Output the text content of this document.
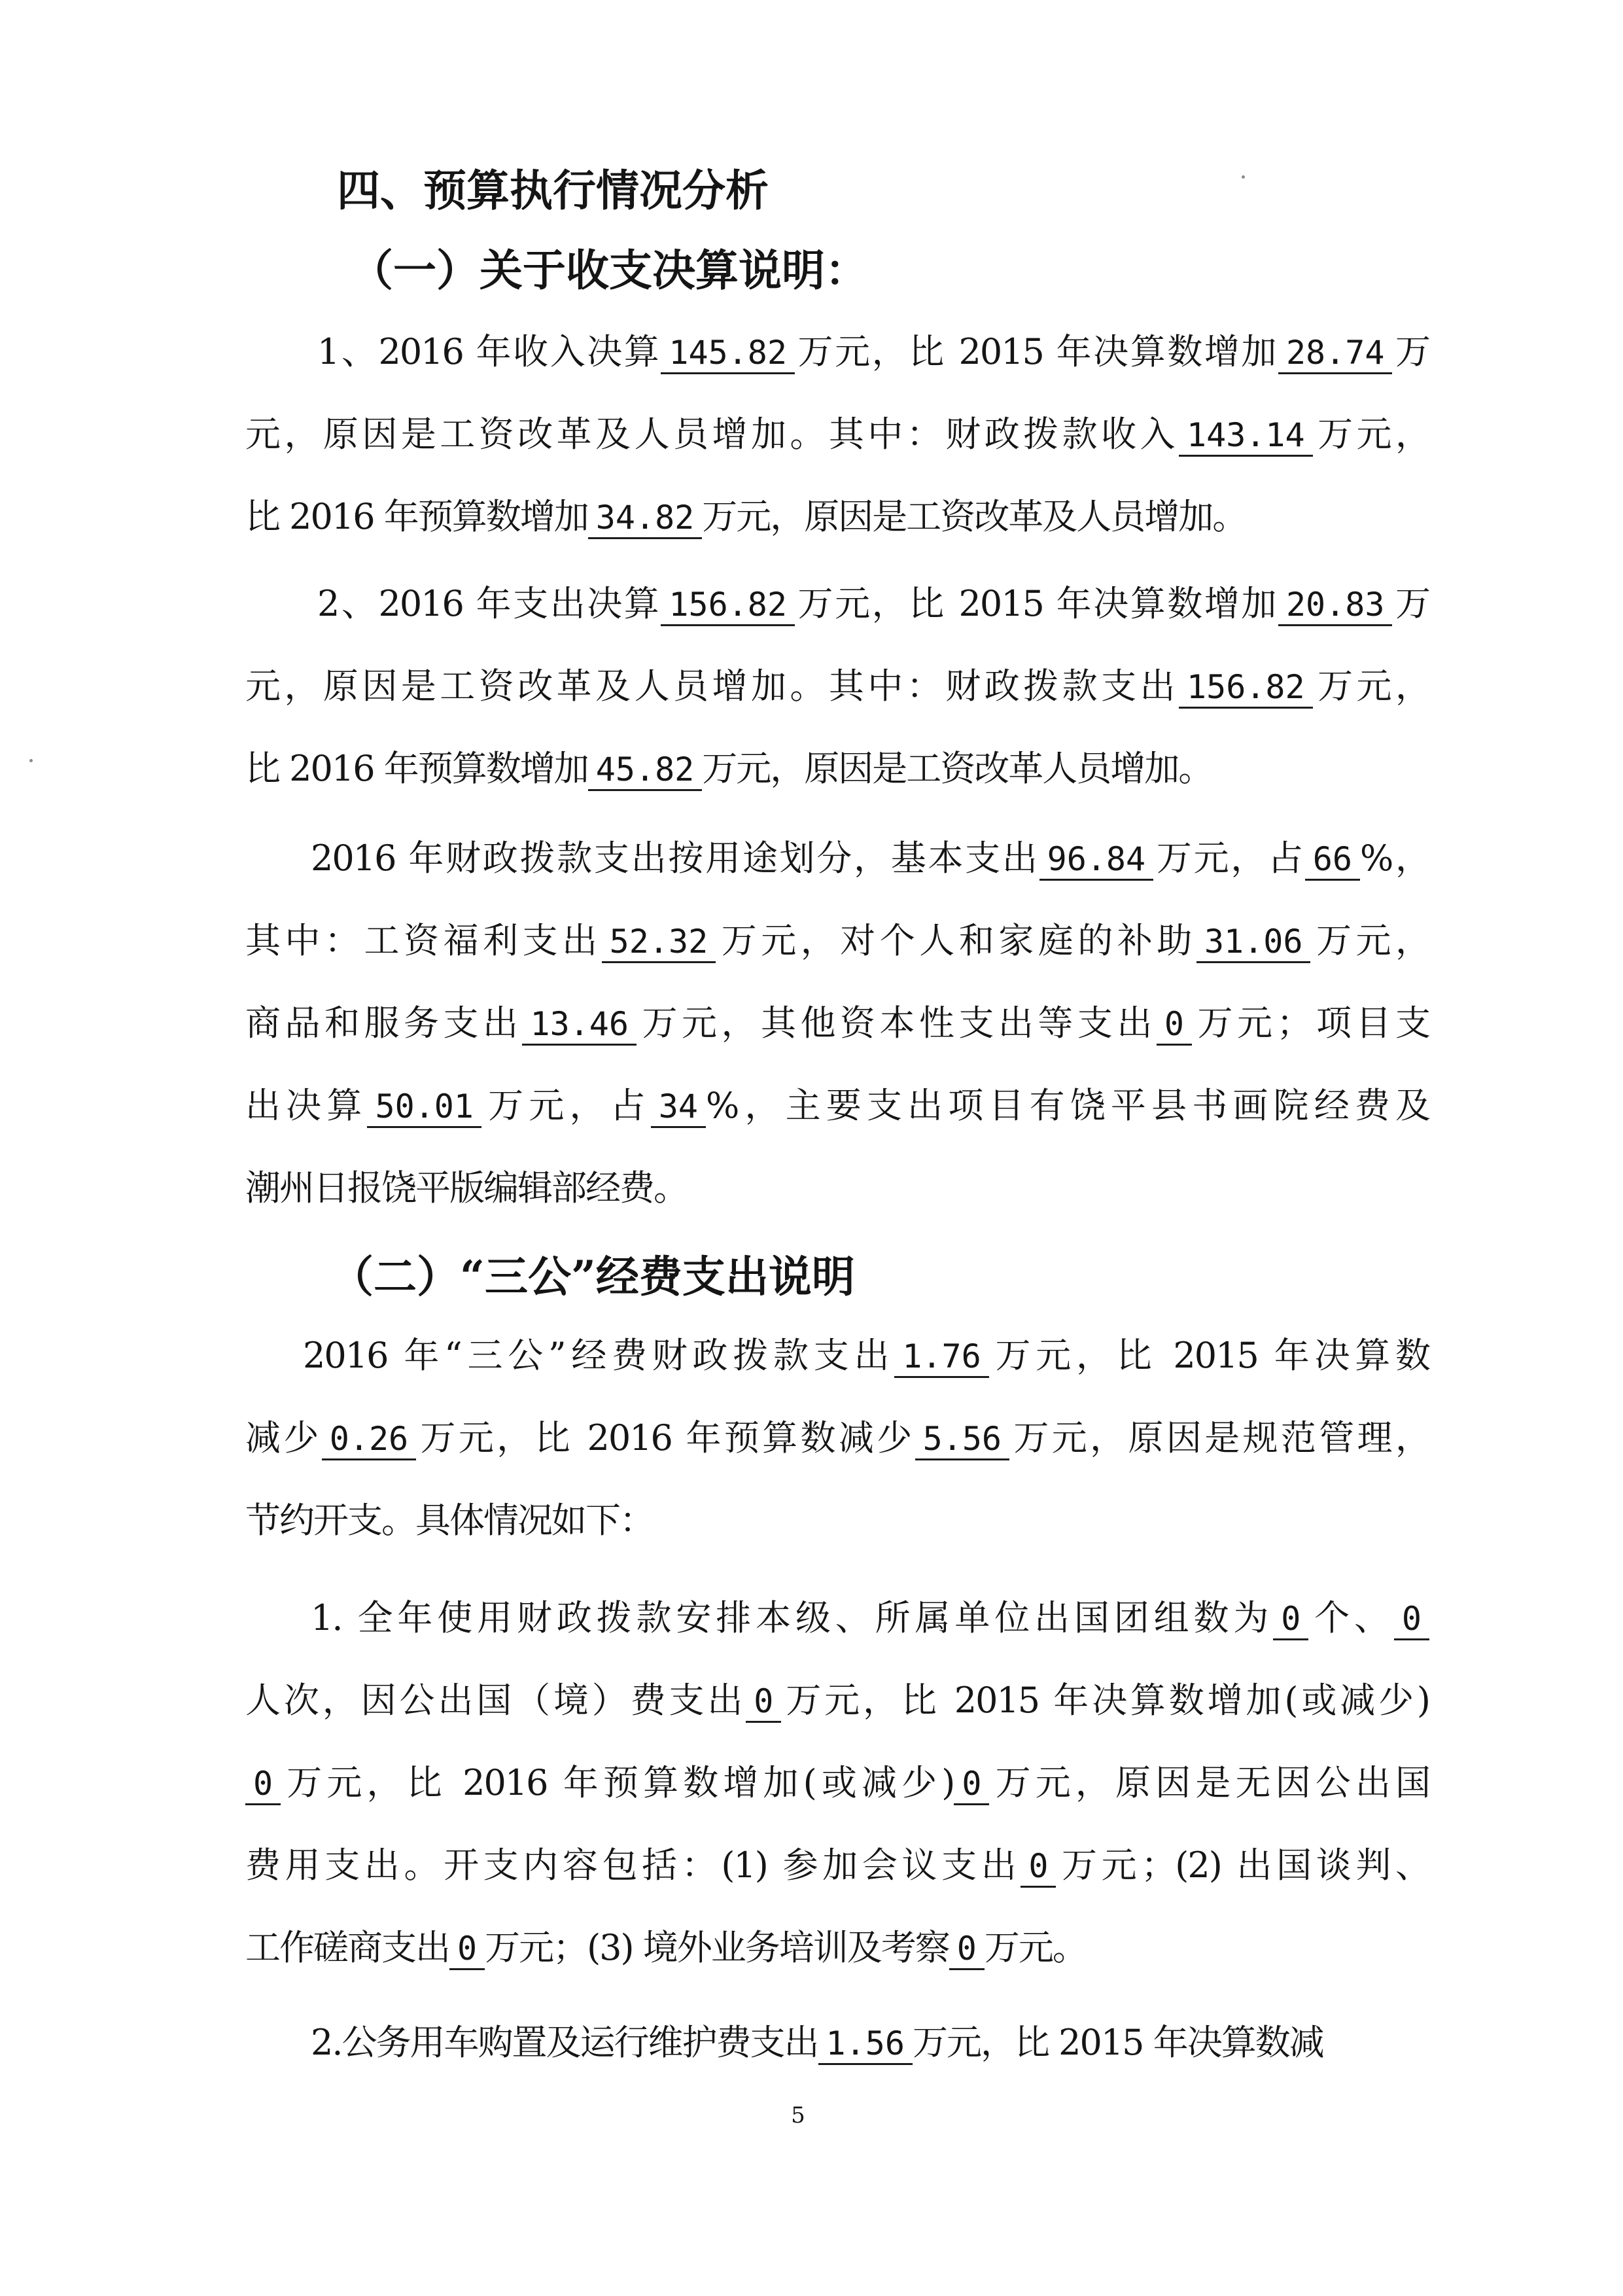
四、预算执行情况分析
（一）关于收支决算说明：
1、2016 年收入决算 145.82 万元，比 2015 年决算数增加 28.74 万
元，原因是工资改革及人员增加。其中：财政拨款收入 143.14 万元，
比 2016 年预算数增加 34.82 万元，原因是工资改革及人员增加。
2、2016 年支出决算 156.82 万元，比 2015 年决算数增加 20.83 万
元，原因是工资改革及人员增加。其中：财政拨款支出 156.82 万元，
比 2016 年预算数增加 45.82 万元，原因是工资改革人员增加。
2016 年财政拨款支出按用途划分，基本支出 96.84 万元，占 66 %，
其中：工资福利支出 52.32 万元，对个人和家庭的补助 31.06 万元，
商品和服务支出 13.46 万元，其他资本性支出等支出 0 万元；项目支
出决算 50.01 万元，占 34 %，主要支出项目有饶平县书画院经费及
潮州日报饶平版编辑部经费。
（二）“三公”经费支出说明
2016 年“三公”经费财政拨款支出 1.76 万元，比 2015 年决算数
减少 0.26 万元，比 2016 年预算数减少 5.56 万元，原因是规范管理，
节约开支。具体情况如下：
1. 全年使用财政拨款安排本级、所属单位出国团组数为 0 个、 0
人次，因公出国（境）费支出 0 万元，比 2015 年决算数增加(或减少)
0 万元，比 2016 年预算数增加(或减少) 0 万元，原因是无因公出国
费用支出。开支内容包括：(1) 参加会议支出 0 万元；(2) 出国谈判、
工作磋商支出 0 万元；(3) 境外业务培训及考察 0 万元。
2.公务用车购置及运行维护费支出 1.56 万元，比 2015 年决算数减

5
